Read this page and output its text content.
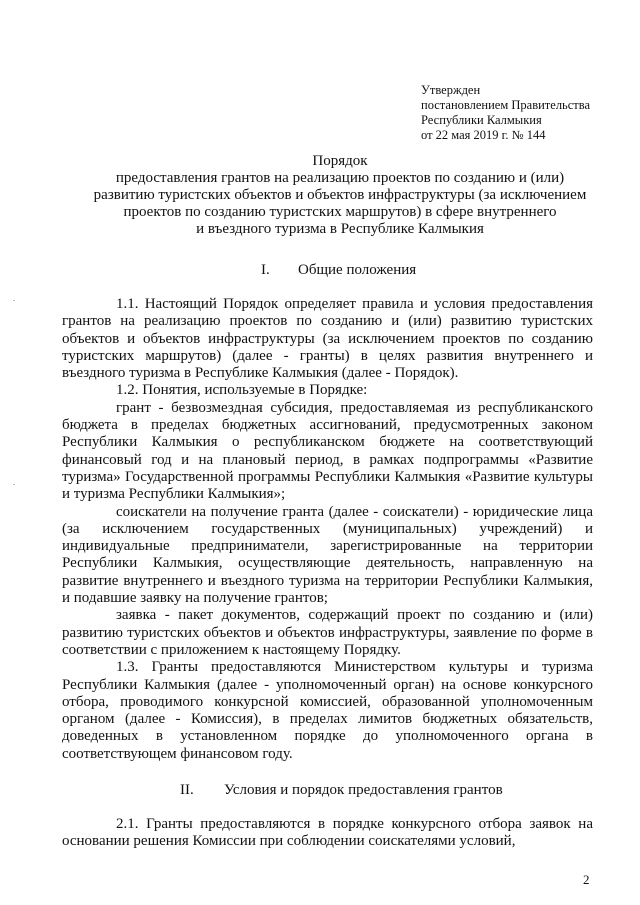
Утвержден
постановлением Правительства
Республики Калмыкия
от 22 мая 2019 г. № 144
Порядок
предоставления грантов на реализацию проектов по созданию и (или)
развитию туристских объектов и объектов инфраструктуры (за исключением
проектов по созданию туристских маршрутов) в сфере внутреннего
и въездного туризма в Республике Калмыкия
I. Общие положения

1.1. Настоящий Порядок определяет правила и условия предоставления грантов на реализацию проектов по созданию и (или) развитию туристских объектов и объектов инфраструктуры (за исключением проектов по созданию туристских маршрутов) (далее - гранты) в целях развития внутреннего и въездного туризма в Республике Калмыкия (далее - Порядок).

1.2. Понятия, используемые в Порядке:

грант - безвозмездная субсидия, предоставляемая из республиканского бюджета в пределах бюджетных ассигнований, предусмотренных законом Республики Калмыкия о республиканском бюджете на соответствующий финансовый год и на плановый период, в рамках подпрограммы «Развитие туризма» Государственной программы Республики Калмыкия «Развитие культуры и туризма Республики Калмыкия»;

соискатели на получение гранта (далее - соискатели) - юридические лица (за исключением государственных (муниципальных) учреждений) и индивидуальные предприниматели, зарегистрированные на территории Республики Калмыкия, осуществляющие деятельность, направленную на развитие внутреннего и въездного туризма на территории Республики Калмыкия, и подавшие заявку на получение грантов;

заявка - пакет документов, содержащий проект по созданию и (или) развитию туристских объектов и объектов инфраструктуры, заявление по форме в соответствии с приложением к настоящему Порядку.

1.3. Гранты предоставляются Министерством культуры и туризма Республики Калмыкия (далее - уполномоченный орган) на основе конкурсного отбора, проводимого конкурсной комиссией, образованной уполномоченным органом (далее - Комиссия), в пределах лимитов бюджетных обязательств, доведенных в установленном порядке до уполномоченного органа в соответствующем финансовом году.

II. Условия и порядок предоставления грантов

2.1. Гранты предоставляются в порядке конкурсного отбора заявок на основании решения Комиссии при соблюдении соискателями условий,

2
